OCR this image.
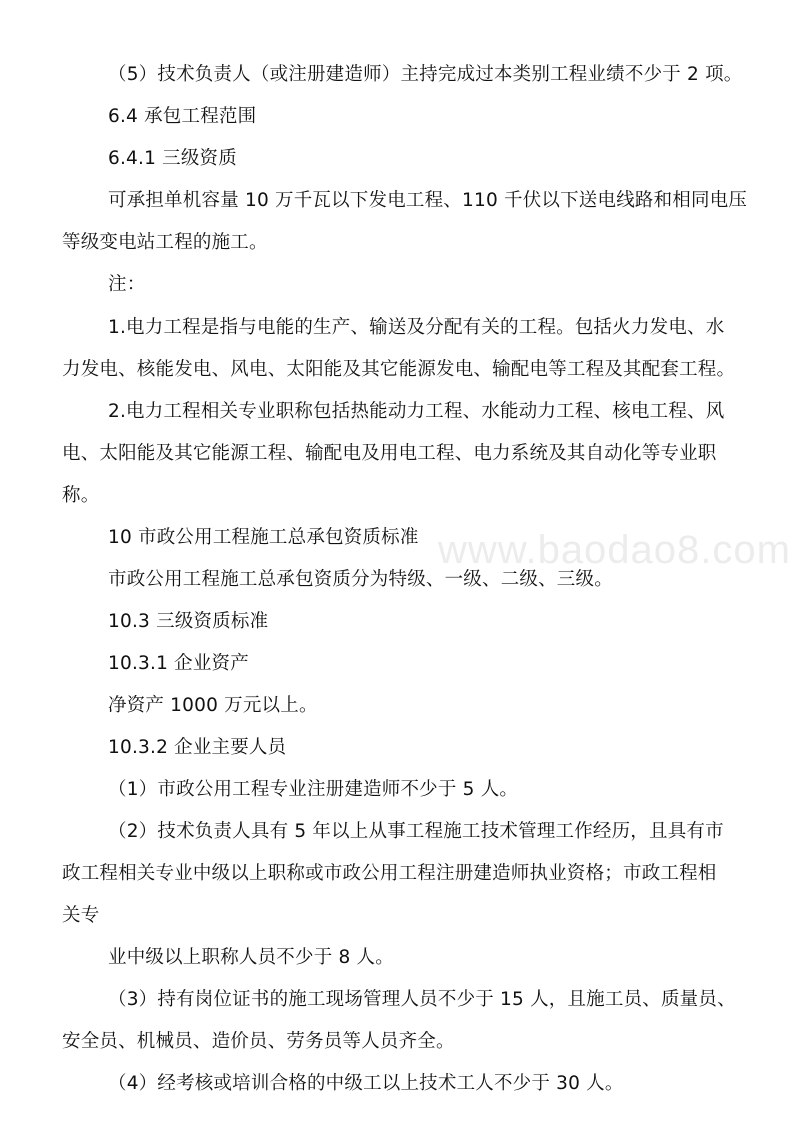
（5）技术负责人（或注册建造师）主持完成过本类别工程业绩不少于 2 项。
6.4 承包工程范围
6.4.1 三级资质
可承担单机容量 10 万千瓦以下发电工程、110 千伏以下送电线路和相同电压
等级变电站工程的施工。
注：
1.电力工程是指与电能的生产、输送及分配有关的工程。包括火力发电、水
力发电、核能发电、风电、太阳能及其它能源发电、输配电等工程及其配套工程。
2.电力工程相关专业职称包括热能动力工程、水能动力工程、核电工程、风
电、太阳能及其它能源工程、输配电及用电工程、电力系统及其自动化等专业职
称。
10 市政公用工程施工总承包资质标准
市政公用工程施工总承包资质分为特级、一级、二级、三级。
10.3 三级资质标准
10.3.1 企业资产
净资产 1000 万元以上。
10.3.2 企业主要人员
（1）市政公用工程专业注册建造师不少于 5 人。
（2）技术负责人具有 5 年以上从事工程施工技术管理工作经历，且具有市
政工程相关专业中级以上职称或市政公用工程注册建造师执业资格；市政工程相
关专
业中级以上职称人员不少于 8 人。
（3）持有岗位证书的施工现场管理人员不少于 15 人，且施工员、质量员、
安全员、机械员、造价员、劳务员等人员齐全。
（4）经考核或培训合格的中级工以上技术工人不少于 30 人。
www.baodao8.com
